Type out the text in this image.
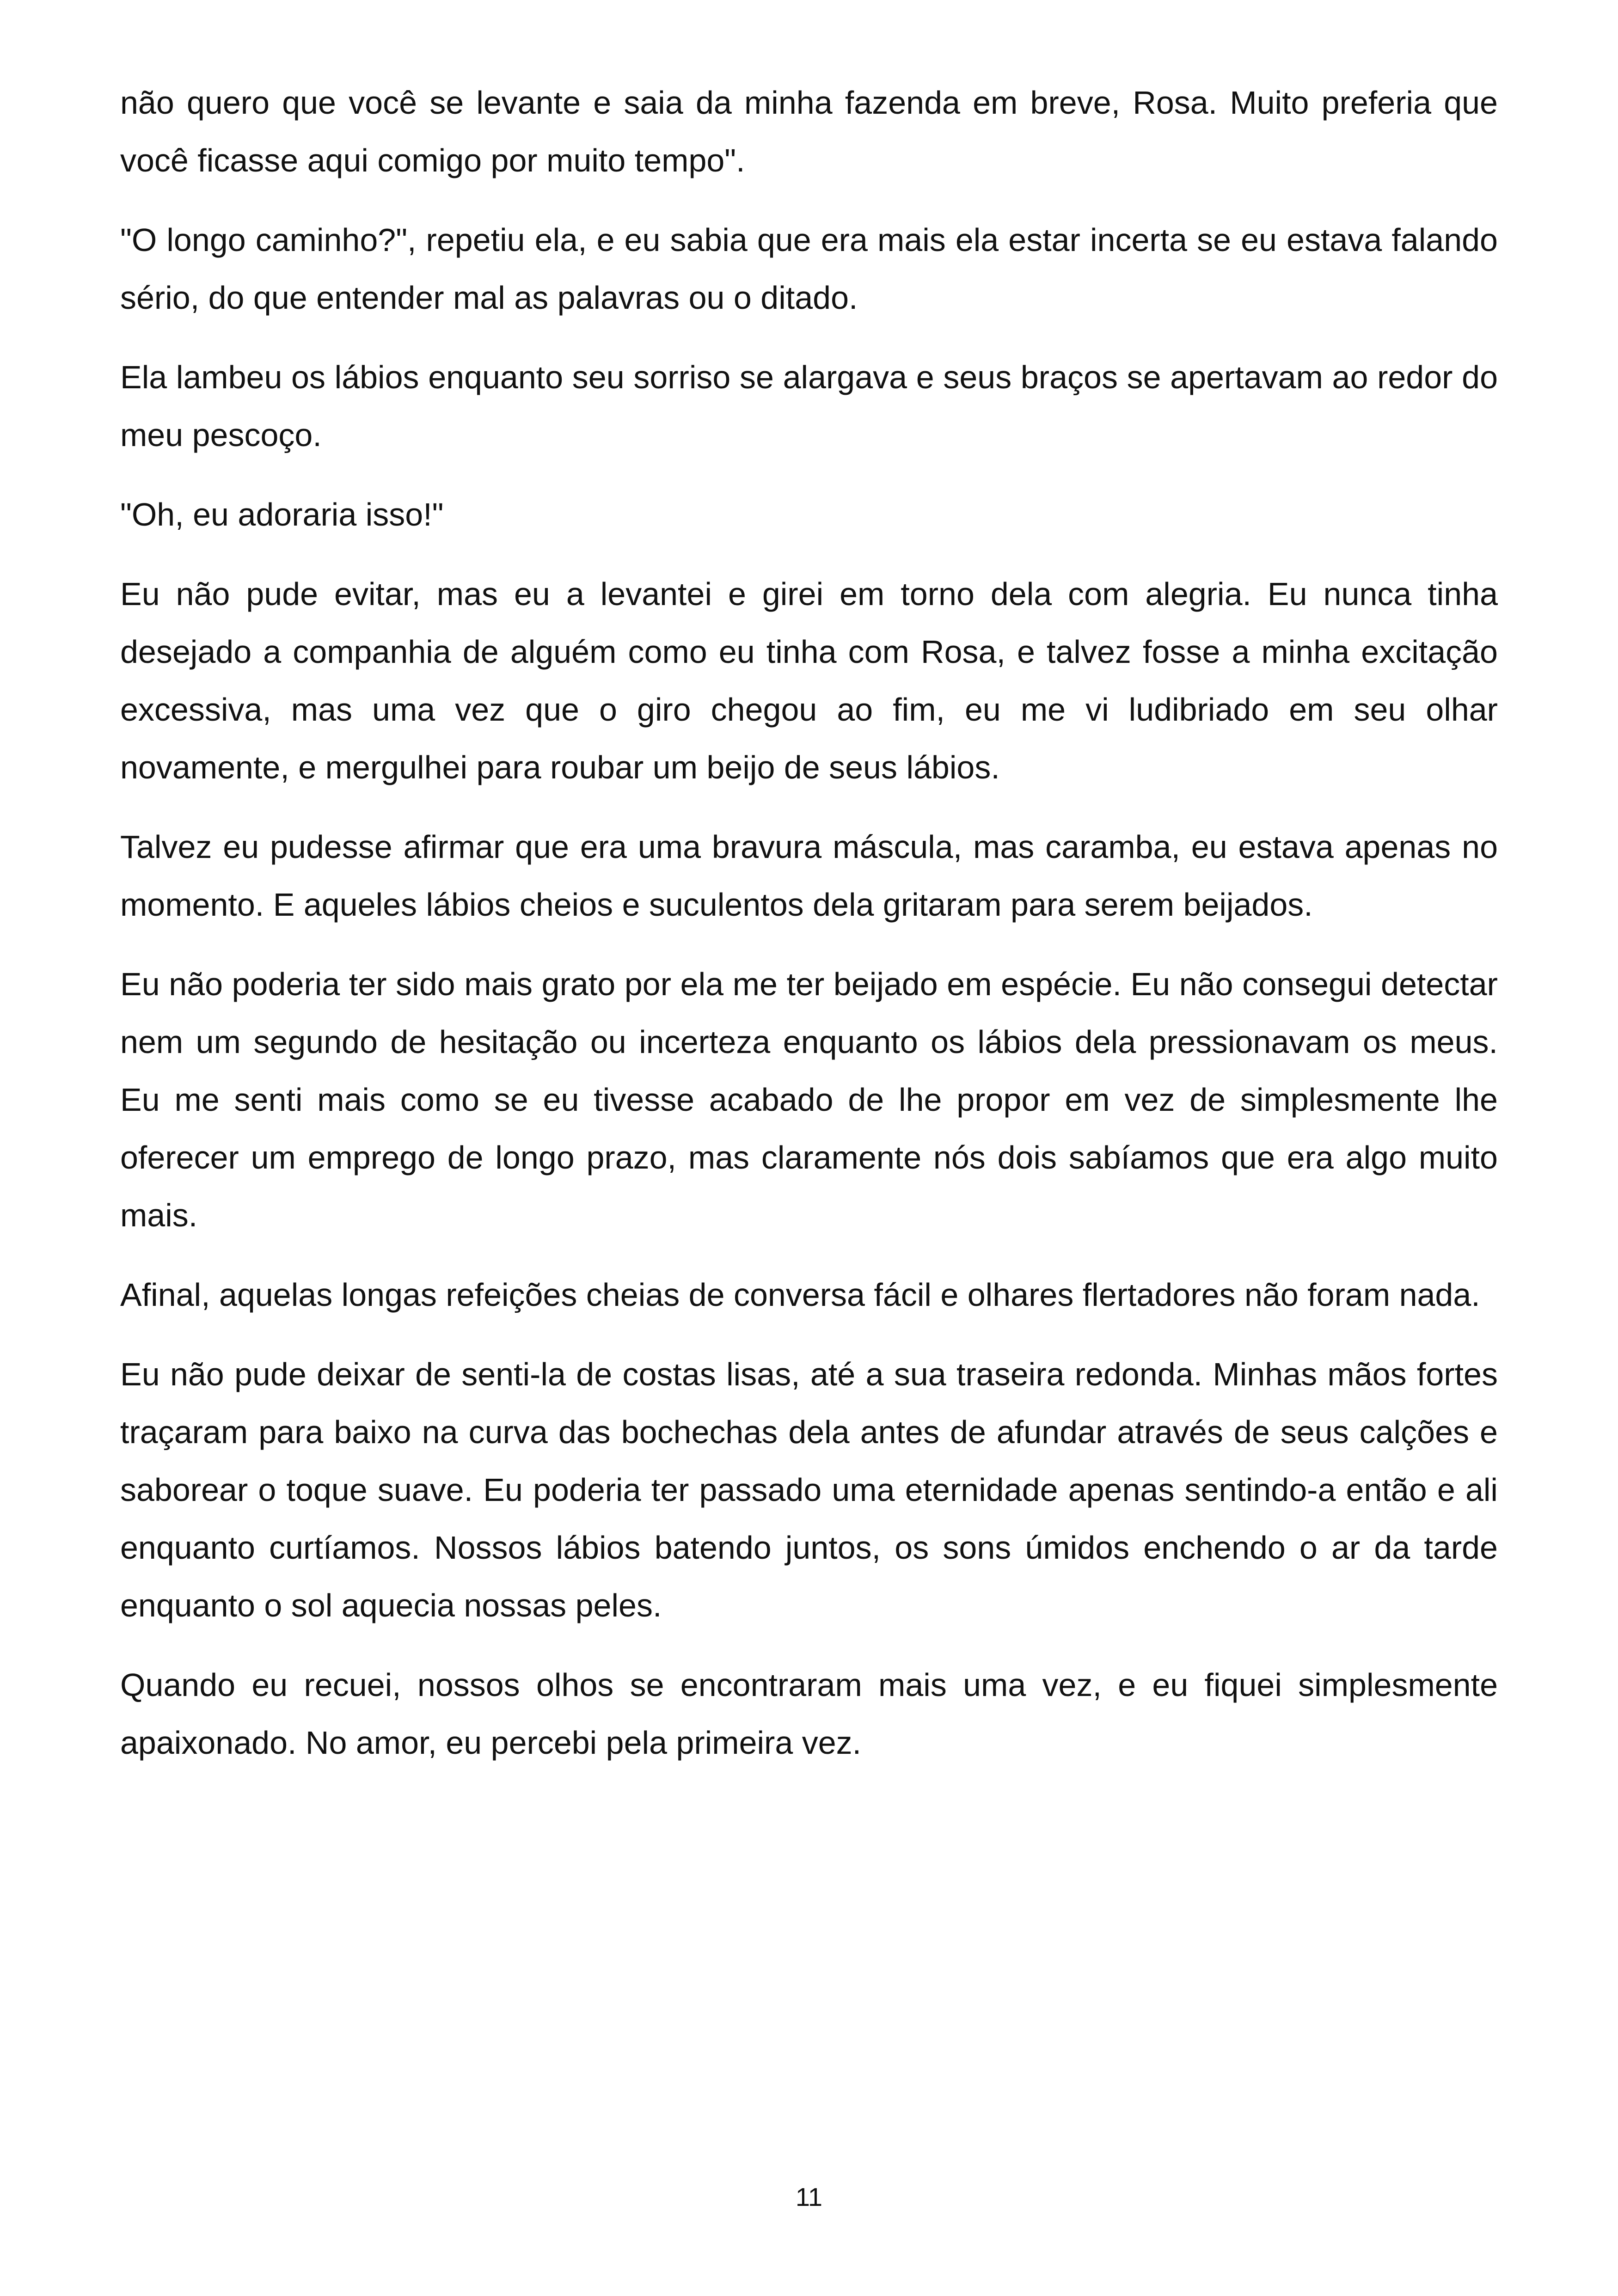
não quero que você se levante e saia da minha fazenda em breve, Rosa. Muito preferia que você ficasse aqui comigo por muito tempo".

"O longo caminho?", repetiu ela, e eu sabia que era mais ela estar incerta se eu estava falando sério, do que entender mal as palavras ou o ditado.

Ela lambeu os lábios enquanto seu sorriso se alargava e seus braços se apertavam ao redor do meu pescoço.

"Oh, eu adoraria isso!"

Eu não pude evitar, mas eu a levantei e girei em torno dela com alegria. Eu nunca tinha desejado a companhia de alguém como eu tinha com Rosa, e talvez fosse a minha excitação excessiva, mas uma vez que o giro chegou ao fim, eu me vi ludibriado em seu olhar novamente, e mergulhei para roubar um beijo de seus lábios.

Talvez eu pudesse afirmar que era uma bravura máscula, mas caramba, eu estava apenas no momento. E aqueles lábios cheios e suculentos dela gritaram para serem beijados.

Eu não poderia ter sido mais grato por ela me ter beijado em espécie. Eu não consegui detectar nem um segundo de hesitação ou incerteza enquanto os lábios dela pressionavam os meus. Eu me senti mais como se eu tivesse acabado de lhe propor em vez de simplesmente lhe oferecer um emprego de longo prazo, mas claramente nós dois sabíamos que era algo muito mais.

Afinal, aquelas longas refeições cheias de conversa fácil e olhares flertadores não foram nada.

Eu não pude deixar de senti-la de costas lisas, até a sua traseira redonda. Minhas mãos fortes traçaram para baixo na curva das bochechas dela antes de afundar através de seus calções e saborear o toque suave. Eu poderia ter passado uma eternidade apenas sentindo-a então e ali enquanto curtíamos. Nossos lábios batendo juntos, os sons úmidos enchendo o ar da tarde enquanto o sol aquecia nossas peles.

Quando eu recuei, nossos olhos se encontraram mais uma vez, e eu fiquei simplesmente apaixonado. No amor, eu percebi pela primeira vez.

11
